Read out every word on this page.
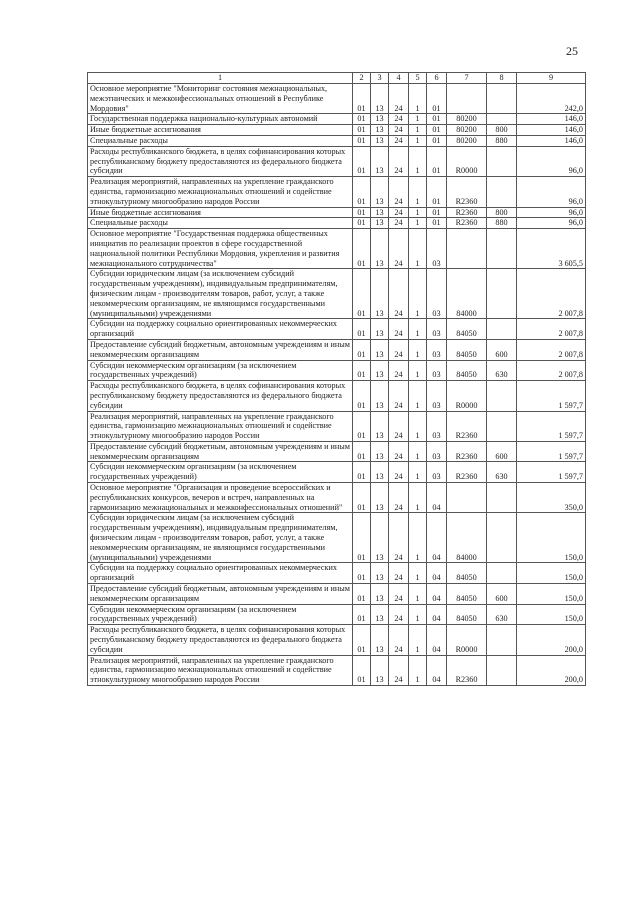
25
1	2	3	4	5	6	7	8	9
Основное мероприятие "Мониторинг состояния межнациональных, межэтнических и межконфессиональных отношений в Республике Мордовия"	01	13	24	1	01			242,0
Государственная поддержка национально-культурных автономий	01	13	24	1	01	80200		146,0
Иные бюджетные ассигнования	01	13	24	1	01	80200	800	146,0
Специальные расходы	01	13	24	1	01	80200	880	146,0
Расходы республиканского бюджета, в целях софинансирования которых республиканскому бюджету предоставляются из федерального бюджета субсидии	01	13	24	1	01	R0000		96,0
Реализация мероприятий, направленных на укрепление гражданского единства, гармонизацию межнациональных отношений и содействие этнокультурному многообразию народов России	01	13	24	1	01	R2360		96,0
Иные бюджетные ассигнования	01	13	24	1	01	R2360	800	96,0
Специальные расходы	01	13	24	1	01	R2360	880	96,0
Основное мероприятие "Государственная поддержка общественных инициатив по реализации проектов в сфере государственной национальной политики Республики Мордовия, укрепления и развития межнационального сотрудничества"	01	13	24	1	03			3 605,5
Субсидии юридическим лицам (за исключением субсидий государственным учреждениям), индивидуальным предпринимателям, физическим лицам - производителям товаров, работ, услуг, а также некоммерческим организациям, не являющимся государственными (муниципальными) учреждениями	01	13	24	1	03	84000		2 007,8
Субсидии на поддержку социально ориентированных некоммерческих организаций	01	13	24	1	03	84050		2 007,8
Предоставление субсидий бюджетным, автономным учреждениям и иным некоммерческим организациям	01	13	24	1	03	84050	600	2 007,8
Субсидии некоммерческим организациям (за исключением государственных учреждений)	01	13	24	1	03	84050	630	2 007,8
Расходы республиканского бюджета, в целях софинансирования которых республиканскому бюджету предоставляются из федерального бюджета субсидии	01	13	24	1	03	R0000		1 597,7
Реализация мероприятий, направленных на укрепление гражданского единства, гармонизацию межнациональных отношений и содействие этнокультурному многообразию народов России	01	13	24	1	03	R2360		1 597,7
Предоставление субсидий бюджетным, автономным учреждениям и иным некоммерческим организациям	01	13	24	1	03	R2360	600	1 597,7
Субсидии некоммерческим организациям (за исключением государственных учреждений)	01	13	24	1	03	R2360	630	1 597,7
Основное мероприятие "Организация и проведение всероссийских и республиканских конкурсов, вечеров и встреч, направленных на гармонизацию межнациональных и межконфессиональных отношений"	01	13	24	1	04			350,0
Субсидии юридическим лицам (за исключением субсидий государственным учреждениям), индивидуальным предпринимателям, физическим лицам - производителям товаров, работ, услуг, а также некоммерческим организациям, не являющимся государственными (муниципальными) учреждениями	01	13	24	1	04	84000		150,0
Субсидии на поддержку социально ориентированных некоммерческих организаций	01	13	24	1	04	84050		150,0
Предоставление субсидий бюджетным, автономным учреждениям и иным некоммерческим организациям	01	13	24	1	04	84050	600	150,0
Субсидии некоммерческим организациям (за исключением государственных учреждений)	01	13	24	1	04	84050	630	150,0
Расходы республиканского бюджета, в целях софинансирования которых республиканскому бюджету предоставляются из федерального бюджета субсидии	01	13	24	1	04	R0000		200,0
Реализация мероприятий, направленных на укрепление гражданского единства, гармонизацию межнациональных отношений и содействие этнокультурному многообразию народов России	01	13	24	1	04	R2360		200,0
